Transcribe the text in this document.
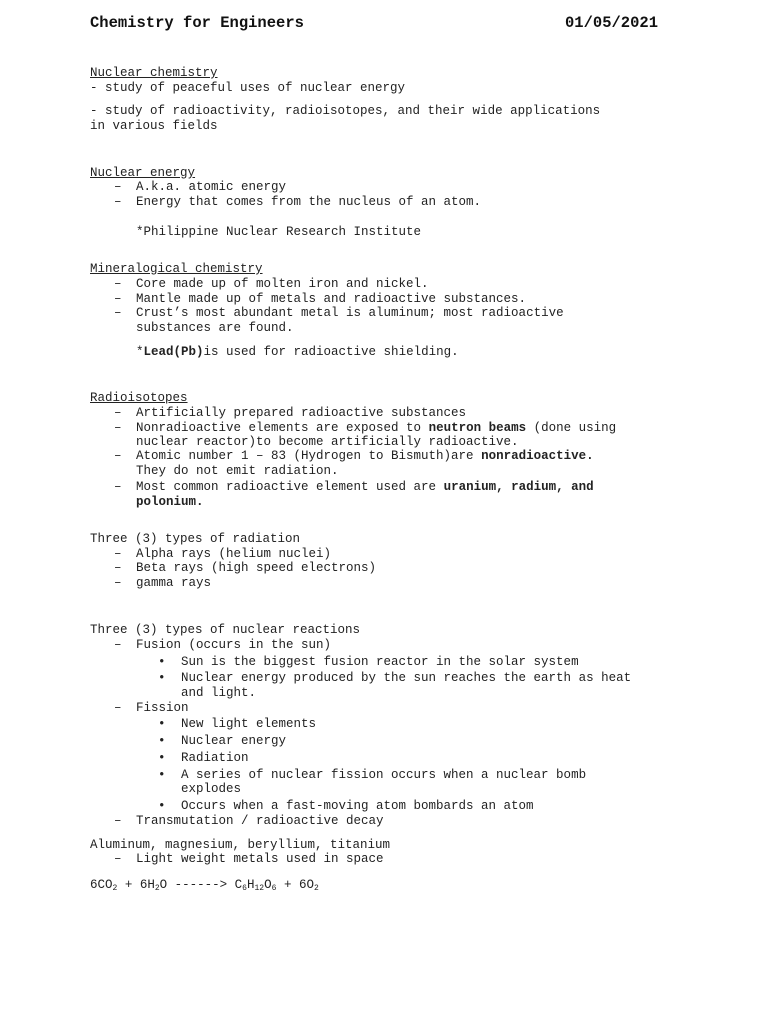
Chemistry for Engineers	01/05/2021
Nuclear chemistry
- study of peaceful uses of nuclear energy
- study of radioactivity, radioisotopes, and their wide applications
in various fields
Nuclear energy
– A.k.a. atomic energy
– Energy that comes from the nucleus of an atom.
*Philippine Nuclear Research Institute
Mineralogical chemistry
– Core made up of molten iron and nickel.
– Mantle made up of metals and radioactive substances.
– Crust’s most abundant metal is aluminum; most radioactive
substances are found.
*Lead(Pb)is used for radioactive shielding.
Radioisotopes
– Artificially prepared radioactive substances
– Nonradioactive elements are exposed to neutron beams (done using
nuclear reactor)to become artificially radioactive.
– Atomic number 1 – 83 (Hydrogen to Bismuth)are nonradioactive.
They do not emit radiation.
– Most common radioactive element used are uranium, radium, and
polonium.
Three (3) types of radiation
– Alpha rays (helium nuclei)
– Beta rays (high speed electrons)
– gamma rays
Three (3) types of nuclear reactions
– Fusion (occurs in the sun)
• Sun is the biggest fusion reactor in the solar system
• Nuclear energy produced by the sun reaches the earth as heat
and light.
– Fission
• New light elements
• Nuclear energy
• Radiation
• A series of nuclear fission occurs when a nuclear bomb
explodes
• Occurs when a fast-moving atom bombards an atom
– Transmutation / radioactive decay
Aluminum, magnesium, beryllium, titanium
– Light weight metals used in space
$6CO_2 + 6H_2O$ ------> $C_6H_{12}O_6 + 6O_2$
